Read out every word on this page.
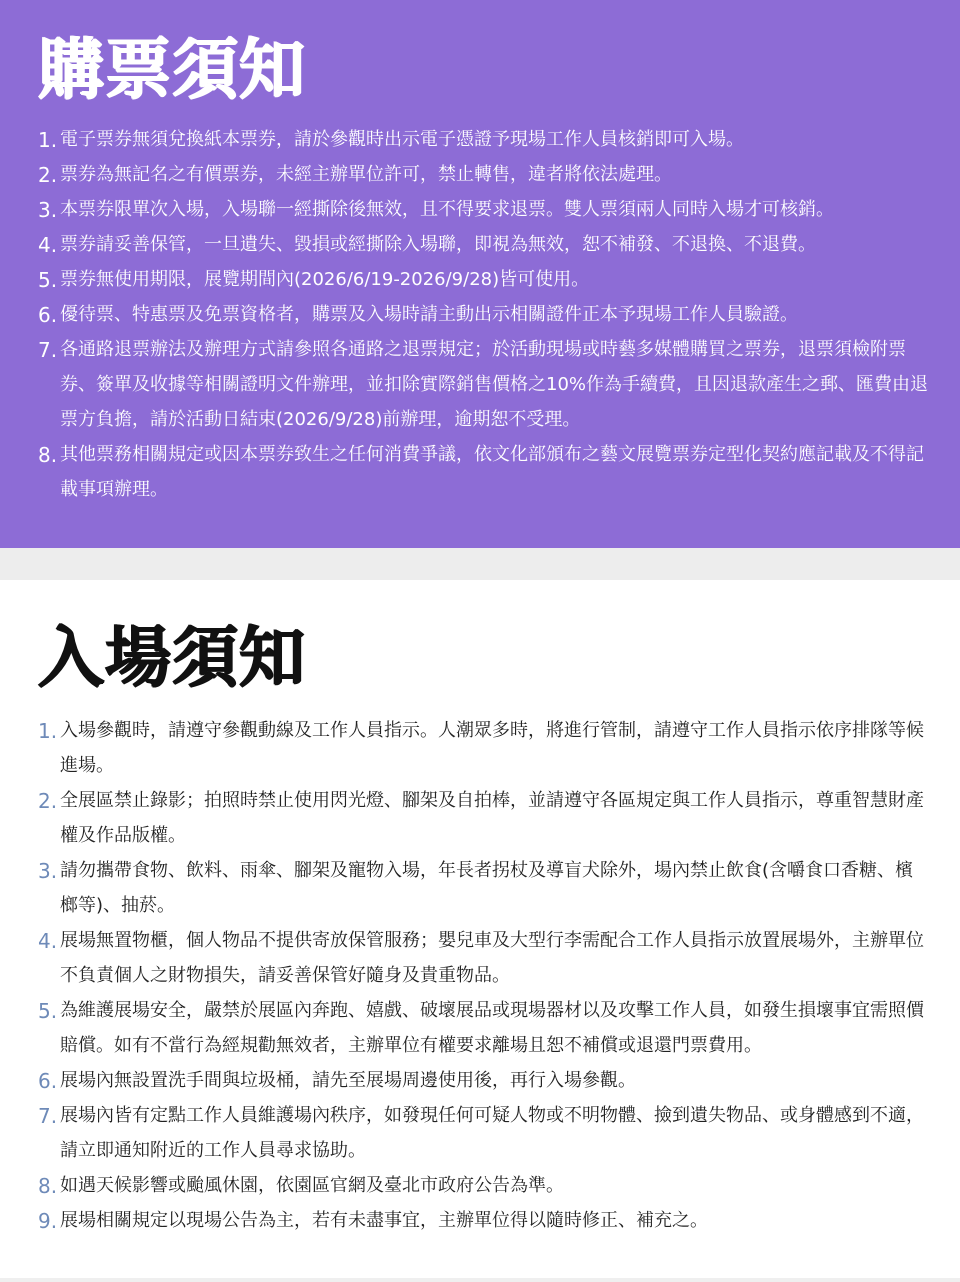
購票須知
1. 電子票券無須兌換紙本票券，請於參觀時出示電子憑證予現場工作人員核銷即可入場。
2. 票券為無記名之有價票券，未經主辦單位許可，禁止轉售，違者將依法處理。
3. 本票券限單次入場，入場聯一經撕除後無效，且不得要求退票。雙人票須兩人同時入場才可核銷。
4. 票券請妥善保管，一旦遺失、毀損或經撕除入場聯，即視為無效，恕不補發、不退換、不退費。
5. 票券無使用期限，展覽期間內(2026/6/19-2026/9/28)皆可使用。
6. 優待票、特惠票及免票資格者，購票及入場時請主動出示相關證件正本予現場工作人員驗證。
7. 各通路退票辦法及辦理方式請參照各通路之退票規定；於活動現場或時藝多媒體購買之票券，退票須檢附票券、簽單及收據等相關證明文件辦理，並扣除實際銷售價格之10%作為手續費，且因退款產生之郵、匯費由退票方負擔，請於活動日結束(2026/9/28)前辦理，逾期恕不受理。
8. 其他票務相關規定或因本票券致生之任何消費爭議，依文化部頒布之藝文展覽票券定型化契約應記載及不得記載事項辦理。
入場須知
1. 入場參觀時，請遵守參觀動線及工作人員指示。人潮眾多時，將進行管制，請遵守工作人員指示依序排隊等候進場。
2. 全展區禁止錄影；拍照時禁止使用閃光燈、腳架及自拍棒，並請遵守各區規定與工作人員指示，尊重智慧財產權及作品版權。
3. 請勿攜帶食物、飲料、雨傘、腳架及寵物入場，年長者拐杖及導盲犬除外，場內禁止飲食(含嚼食口香糖、檳榔等)、抽菸。
4. 展場無置物櫃，個人物品不提供寄放保管服務；嬰兒車及大型行李需配合工作人員指示放置展場外，主辦單位不負責個人之財物損失，請妥善保管好隨身及貴重物品。
5. 為維護展場安全，嚴禁於展區內奔跑、嬉戲、破壞展品或現場器材以及攻擊工作人員，如發生損壞事宜需照價賠償。如有不當行為經規勸無效者，主辦單位有權要求離場且恕不補償或退還門票費用。
6. 展場內無設置洗手間與垃圾桶，請先至展場周邊使用後，再行入場參觀。
7. 展場內皆有定點工作人員維護場內秩序，如發現任何可疑人物或不明物體、撿到遺失物品、或身體感到不適，請立即通知附近的工作人員尋求協助。
8. 如遇天候影響或颱風休園，依園區官網及臺北市政府公告為準。
9. 展場相關規定以現場公告為主，若有未盡事宜，主辦單位得以隨時修正、補充之。
